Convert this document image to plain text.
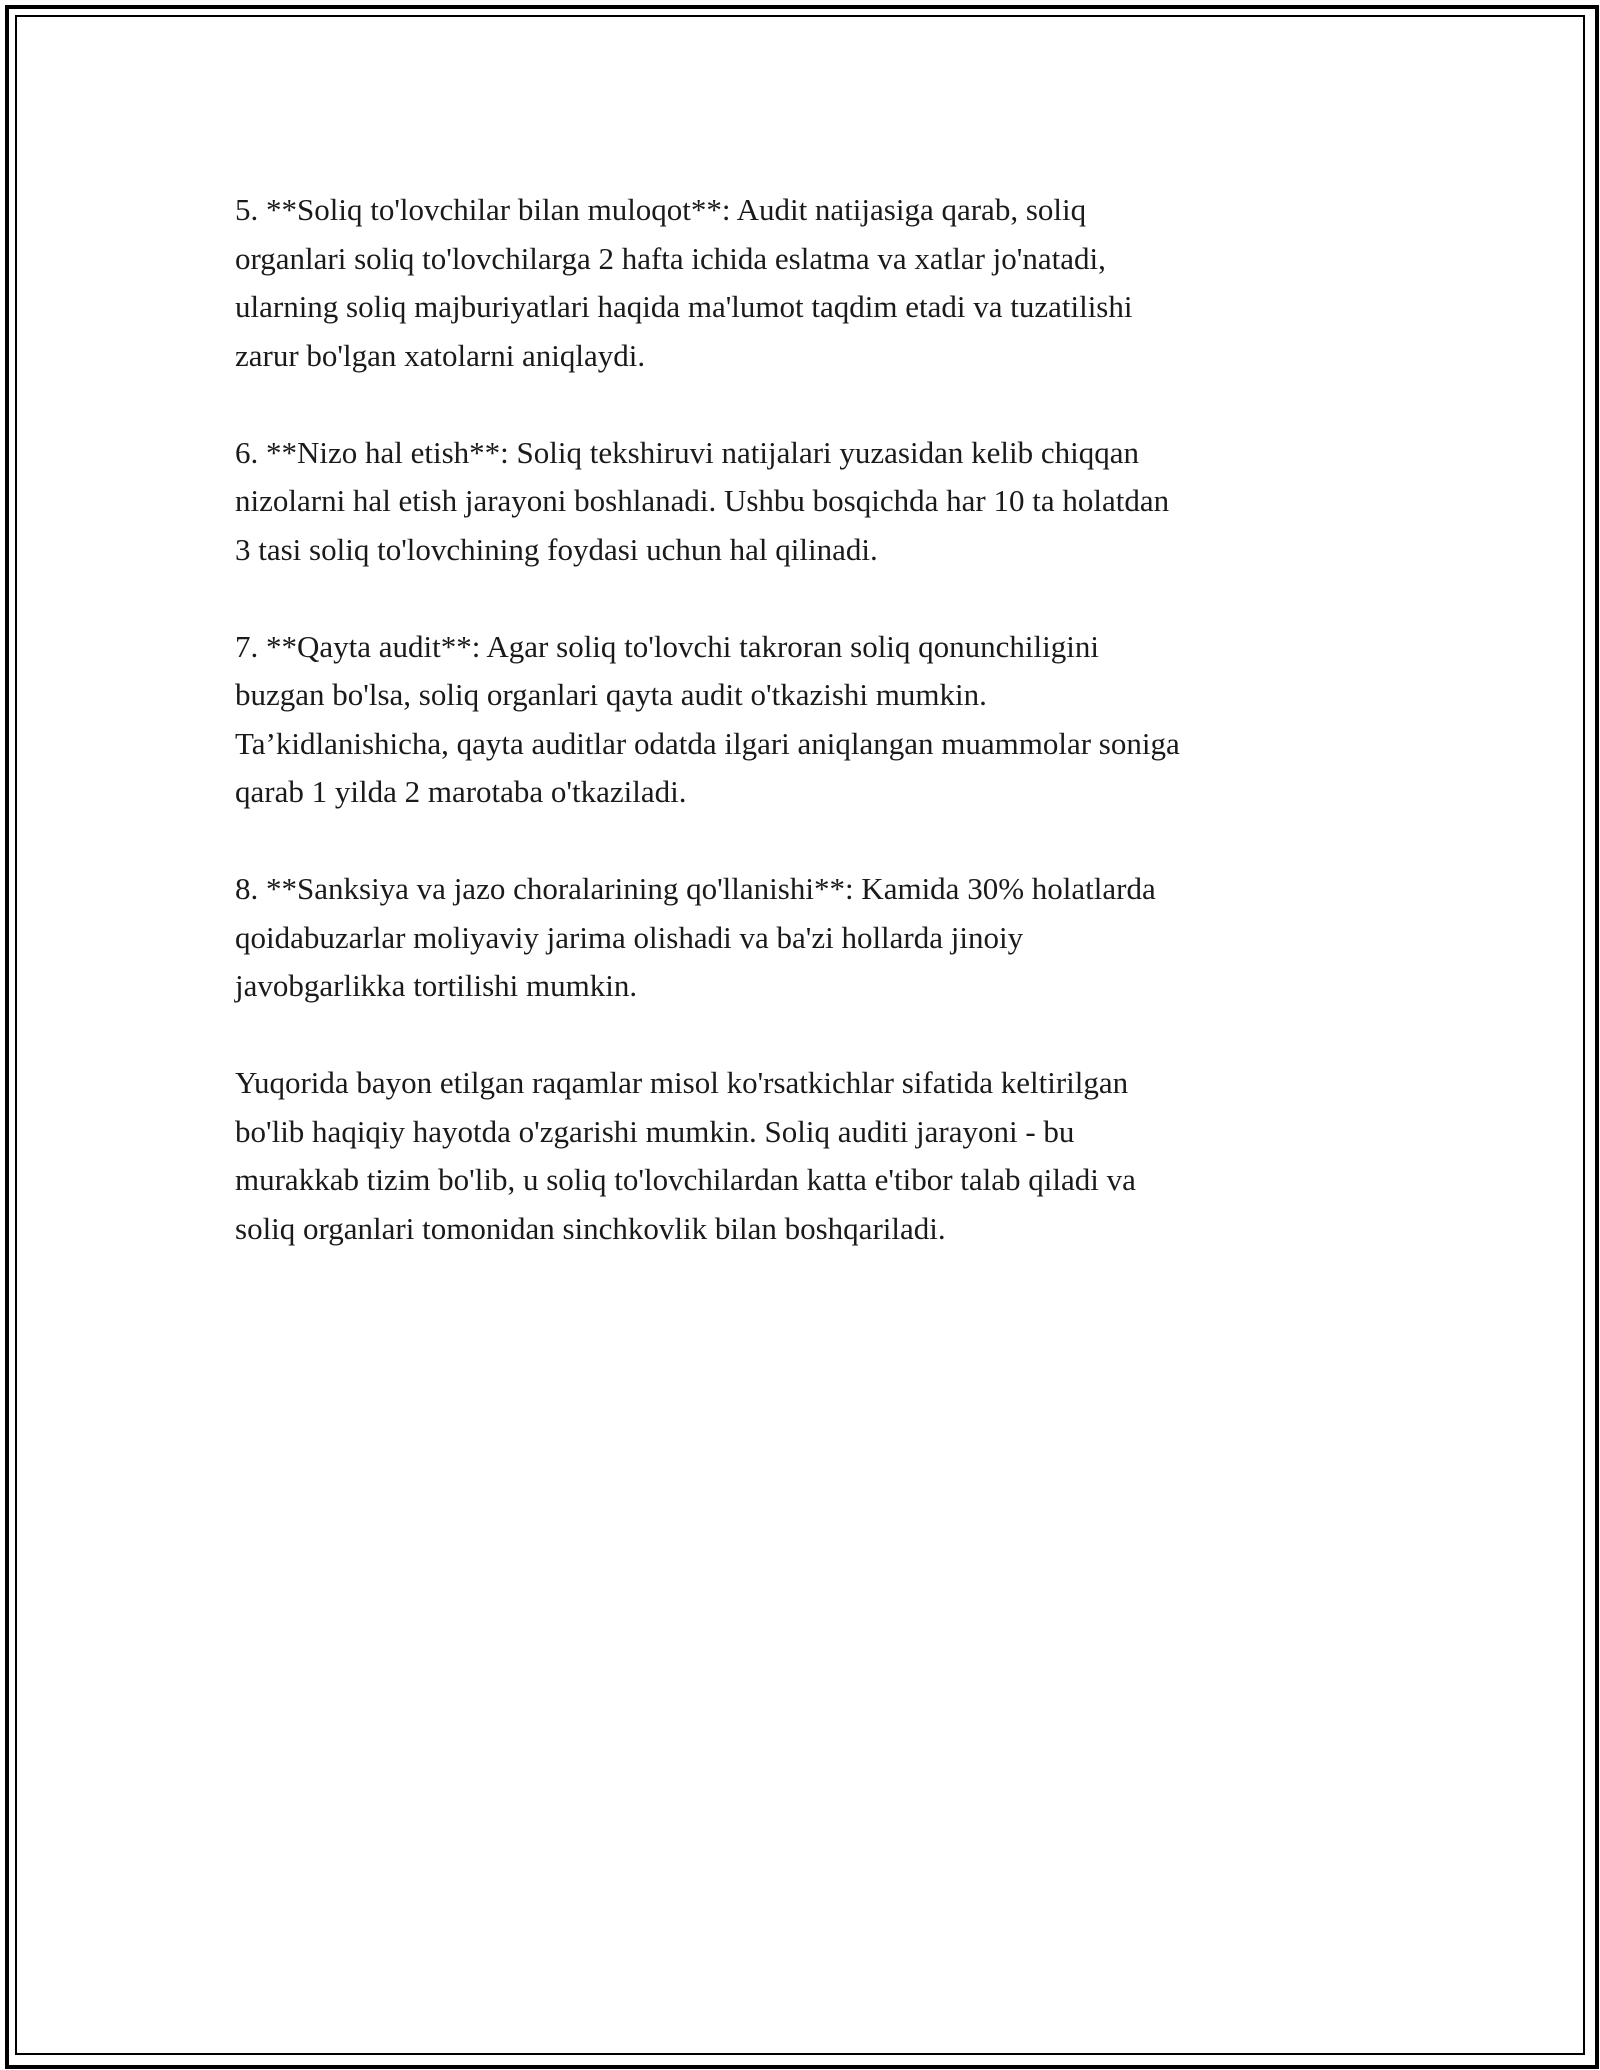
5. **Soliq to'lovchilar bilan muloqot**: Audit natijasiga qarab, soliq
organlari soliq to'lovchilarga 2 hafta ichida eslatma va xatlar jo'natadi,
ularning soliq majburiyatlari haqida ma'lumot taqdim etadi va tuzatilishi
zarur bo'lgan xatolarni aniqlaydi.

6. **Nizo hal etish**: Soliq tekshiruvi natijalari yuzasidan kelib chiqqan
nizolarni hal etish jarayoni boshlanadi. Ushbu bosqichda har 10 ta holatdan
3 tasi soliq to'lovchining foydasi uchun hal qilinadi.

7. **Qayta audit**: Agar soliq to'lovchi takroran soliq qonunchiligini
buzgan bo'lsa, soliq organlari qayta audit o'tkazishi mumkin.
Ta’kidlanishicha, qayta auditlar odatda ilgari aniqlangan muammolar soniga
qarab 1 yilda 2 marotaba o'tkaziladi.

8. **Sanksiya va jazo choralarining qo'llanishi**: Kamida 30% holatlarda
qoidabuzarlar moliyaviy jarima olishadi va ba'zi hollarda jinoiy
javobgarlikka tortilishi mumkin.

Yuqorida bayon etilgan raqamlar misol ko'rsatkichlar sifatida keltirilgan
bo'lib haqiqiy hayotda o'zgarishi mumkin. Soliq auditi jarayoni - bu
murakkab tizim bo'lib, u soliq to'lovchilardan katta e'tibor talab qiladi va
soliq organlari tomonidan sinchkovlik bilan boshqariladi.
